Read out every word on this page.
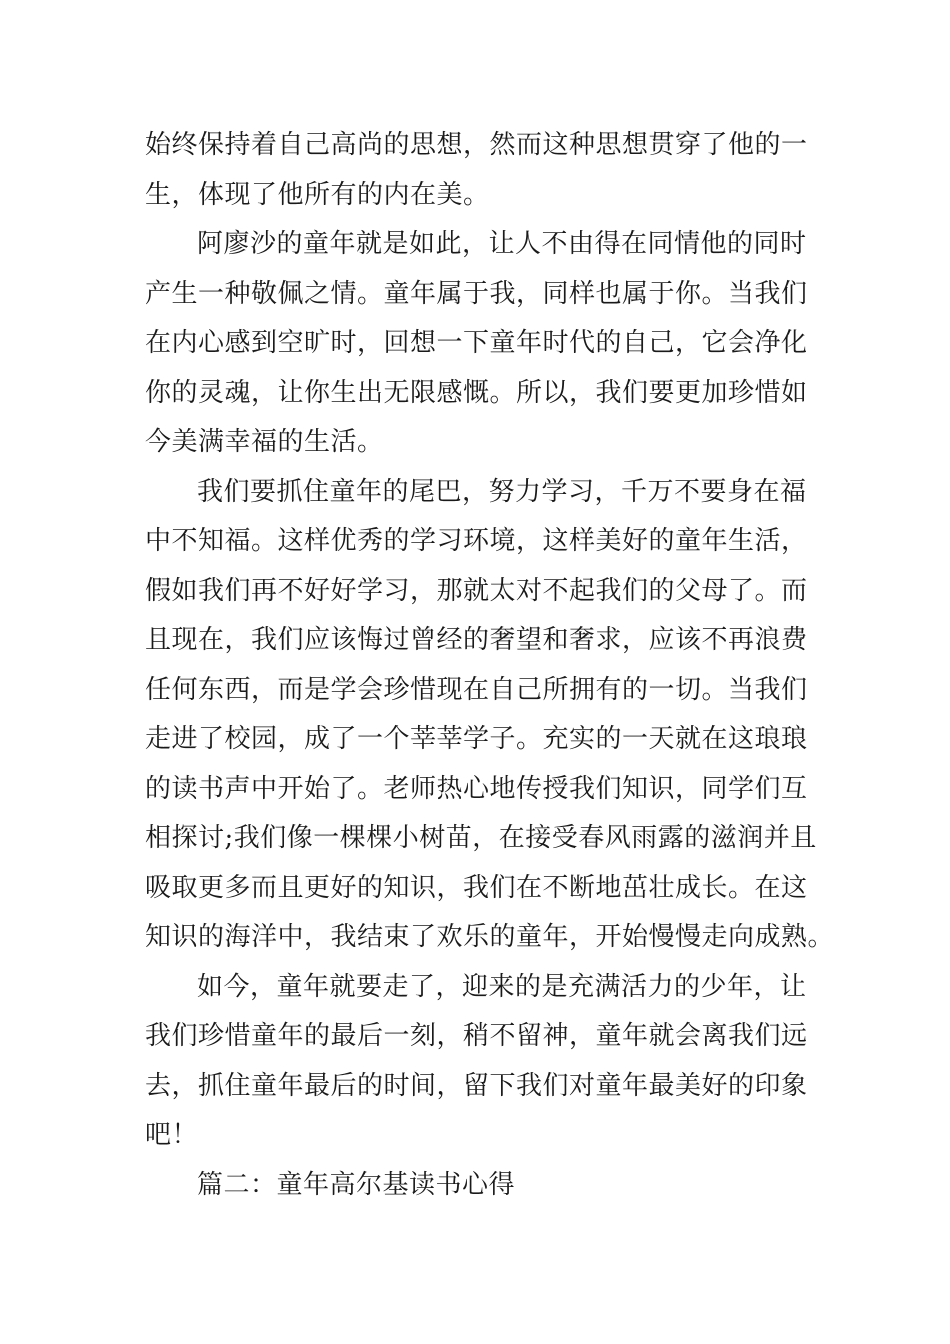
始终保持着自己高尚的思想，然而这种思想贯穿了他的一
生，体现了他所有的内在美。
阿廖沙的童年就是如此，让人不由得在同情他的同时
产生一种敬佩之情。童年属于我，同样也属于你。当我们
在内心感到空旷时，回想一下童年时代的自己，它会净化
你的灵魂，让你生出无限感慨。所以，我们要更加珍惜如
今美满幸福的生活。
我们要抓住童年的尾巴，努力学习，千万不要身在福
中不知福。这样优秀的学习环境，这样美好的童年生活，
假如我们再不好好学习，那就太对不起我们的父母了。而
且现在，我们应该悔过曾经的奢望和奢求，应该不再浪费
任何东西，而是学会珍惜现在自己所拥有的一切。当我们
走进了校园，成了一个莘莘学子。充实的一天就在这琅琅
的读书声中开始了。老师热心地传授我们知识，同学们互
相探讨;我们像一棵棵小树苗，在接受春风雨露的滋润并且
吸取更多而且更好的知识，我们在不断地茁壮成长。在这
知识的海洋中，我结束了欢乐的童年，开始慢慢走向成熟。
如今，童年就要走了，迎来的是充满活力的少年，让
我们珍惜童年的最后一刻，稍不留神，童年就会离我们远
去，抓住童年最后的时间，留下我们对童年最美好的印象
吧！
篇二：童年高尔基读书心得
